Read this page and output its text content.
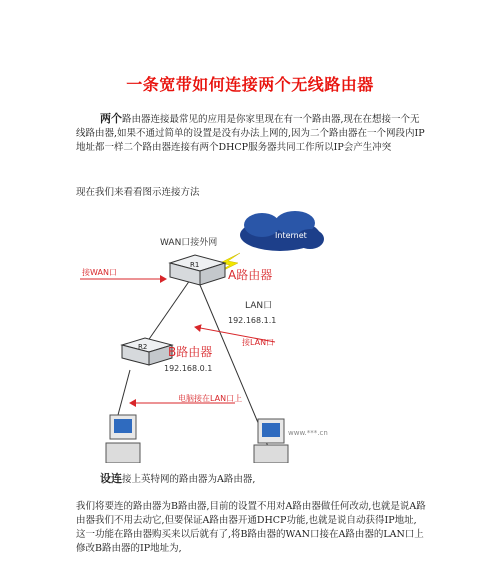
一条宽带如何连接两个无线路由器
两个路由器连接最常见的应用是你家里现在有一个路由器,现在在想接一个无线路由器,如果不通过简单的设置是没有办法上网的,因为二个路由器在一个网段内IP地址都一样二个路由器连接有两个DHCP服务器共同工作所以IP会产生冲突
现在我们来看看图示连接方法
Internet
WAN口接外网
R1
A路由器
LAN口
192.168.1.1
接WAN口
接LAN口
R2 B路由器
192.168.0.1
电脑接在LAN口上
www.***.cn
设连接上英特网的路由器为A路由器,
我们将要连的路由器为B路由器,目前的设置不用对A路由器做任何改动,也就是说A路由器我们不用去动它,但要保证A路由器开通DHCP功能,也就是说自动获得IP地址,这一功能在路由器购买来以后就有了,将B路由器的WAN口接在A路由器的LAN口上修改B路由器的IP地址为,
